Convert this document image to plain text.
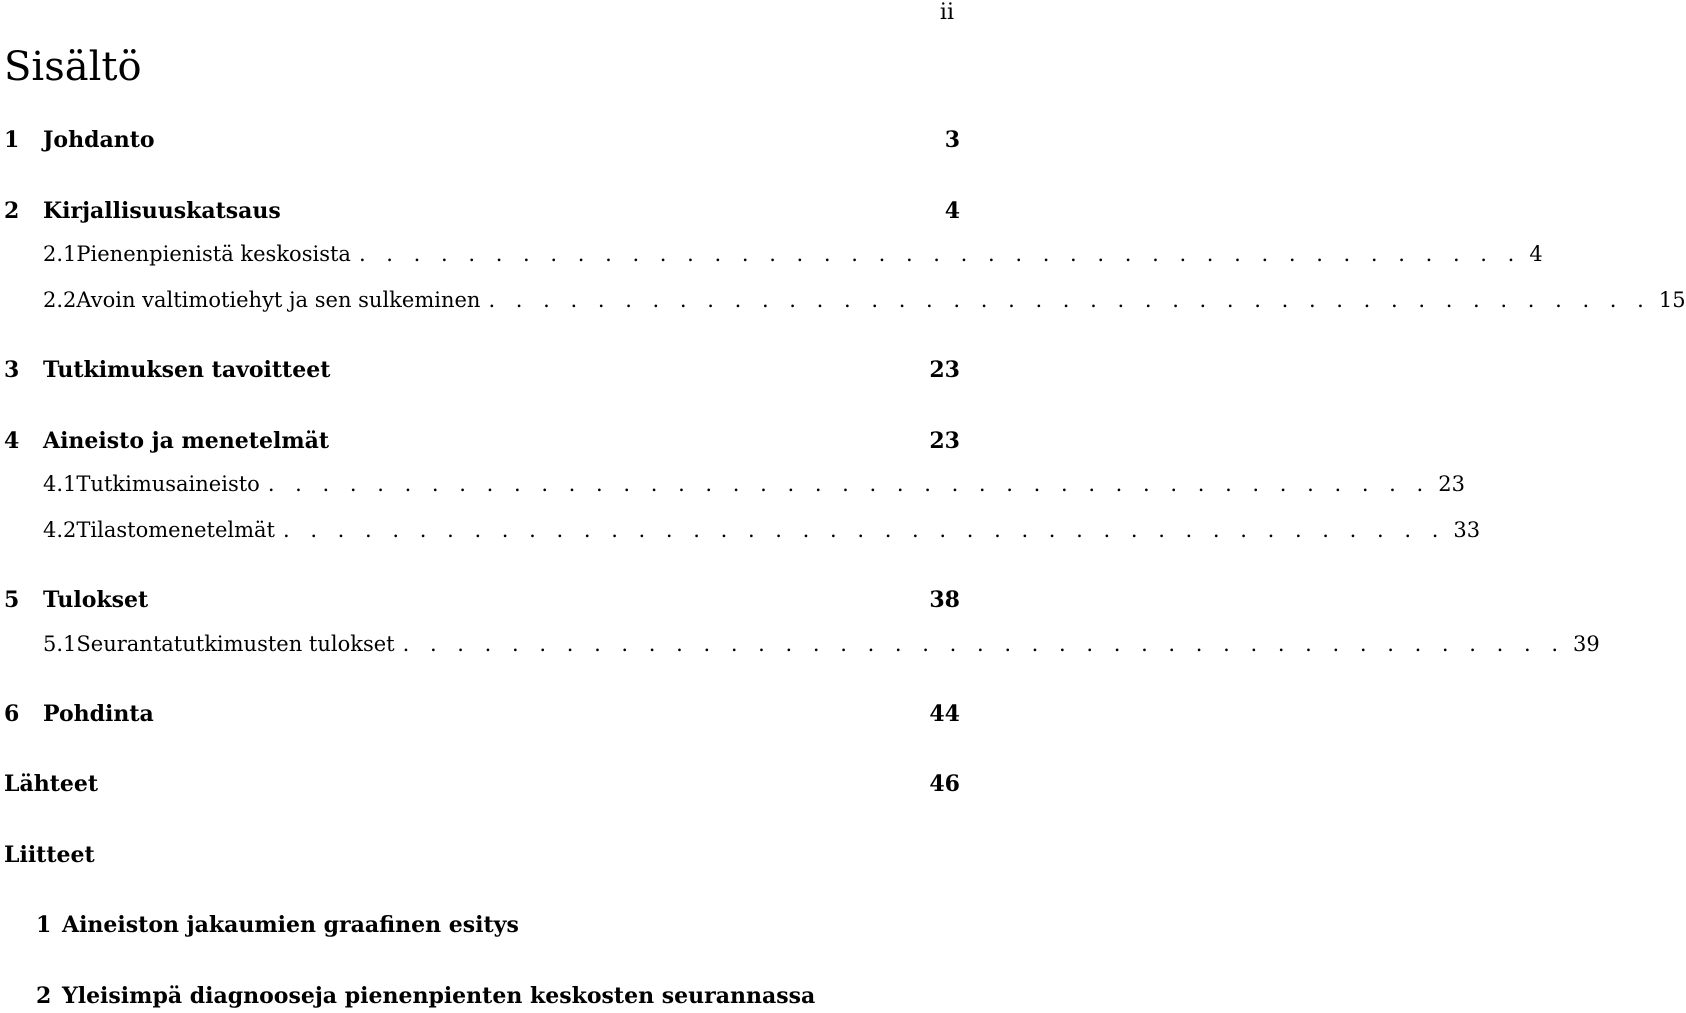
ii
Sisältö
1	Johdanto	3
2	Kirjallisuuskatsaus	4
2.1 Pienenpienistä keskosista . . . . . . . . . . . . . . . . . . . . . . . . . . . . . . . . . . . . . . . . . . . 4
2.2 Avoin valtimotiehyt ja sen sulkeminen . . . . . . . . . . . . . . . . . . . . . . . . . . . . . . . . . . . . . . . . . . . 15
3	Tutkimuksen tavoitteet	23
4	Aineisto ja menetelmät	23
4.1 Tutkimusaineisto . . . . . . . . . . . . . . . . . . . . . . . . . . . . . . . . . . . . . . . . . . . 23
4.2 Tilastomenetelmät . . . . . . . . . . . . . . . . . . . . . . . . . . . . . . . . . . . . . . . . . . . 33
5	Tulokset	38
5.1 Seurantatutkimusten tulokset . . . . . . . . . . . . . . . . . . . . . . . . . . . . . . . . . . . . . . . . . . . 39
6	Pohdinta	44
Lähteet	46
Liitteet
1 Aineiston jakaumien graafinen esitys
2 Yleisimpä diagnooseja pienenpienten keskosten seurannassa
